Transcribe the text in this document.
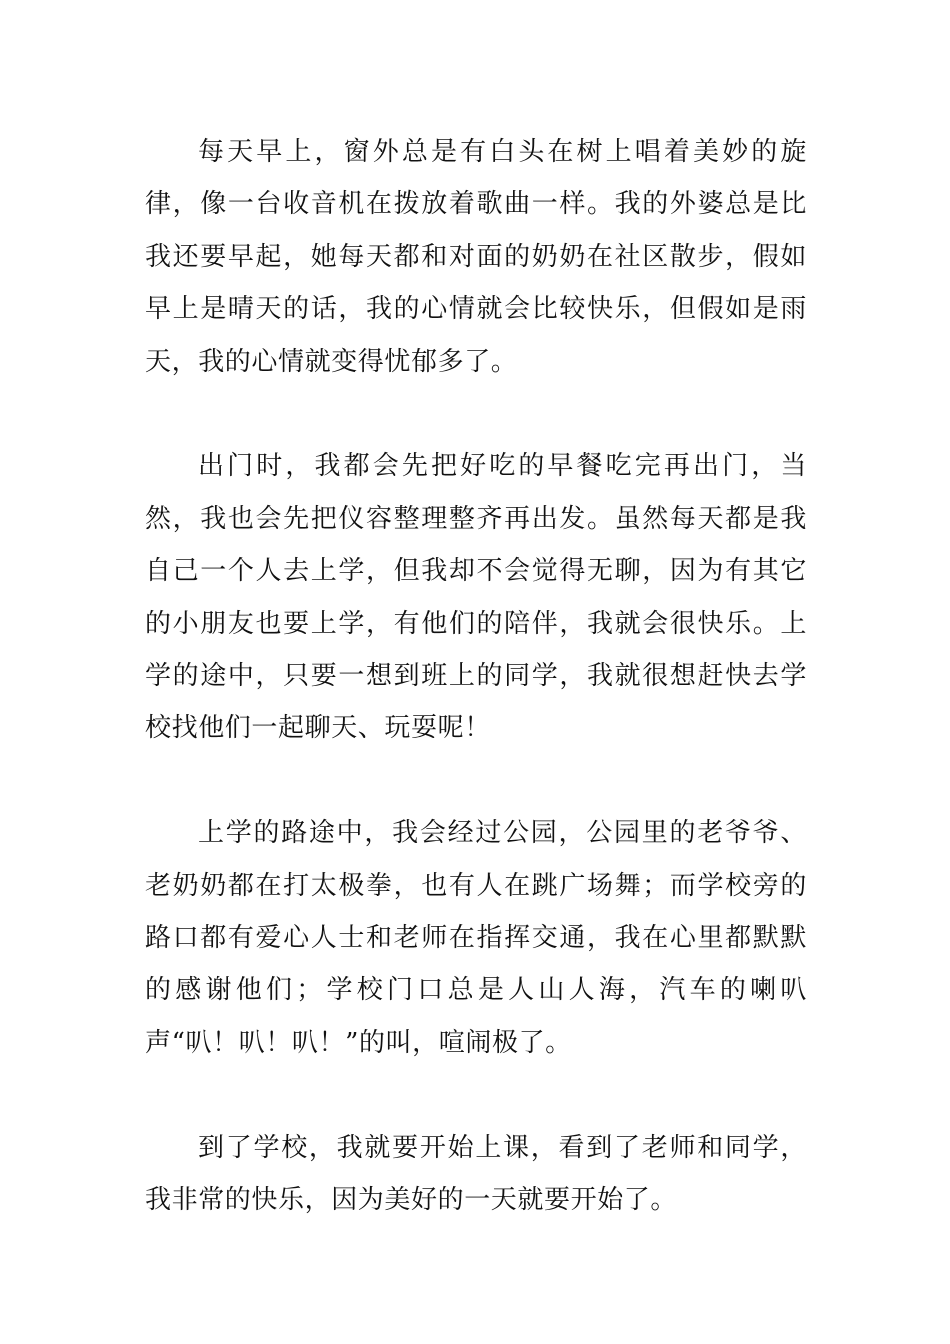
每天早上，窗外总是有白头在树上唱着美妙的旋律，像一台收音机在拨放着歌曲一样。我的外婆总是比我还要早起，她每天都和对面的奶奶在社区散步，假如早上是晴天的话，我的心情就会比较快乐，但假如是雨天，我的心情就变得忧郁多了。

出门时，我都会先把好吃的早餐吃完再出门，当然，我也会先把仪容整理整齐再出发。虽然每天都是我自己一个人去上学，但我却不会觉得无聊，因为有其它的小朋友也要上学，有他们的陪伴，我就会很快乐。上学的途中，只要一想到班上的同学，我就很想赶快去学校找他们一起聊天、玩耍呢！

上学的路途中，我会经过公园，公园里的老爷爷、老奶奶都在打太极拳，也有人在跳广场舞；而学校旁的路口都有爱心人士和老师在指挥交通，我在心里都默默的感谢他们；学校门口总是人山人海，汽车的喇叭声“叭！叭！叭！”的叫，喧闹极了。

到了学校，我就要开始上课，看到了老师和同学，我非常的快乐，因为美好的一天就要开始了。
